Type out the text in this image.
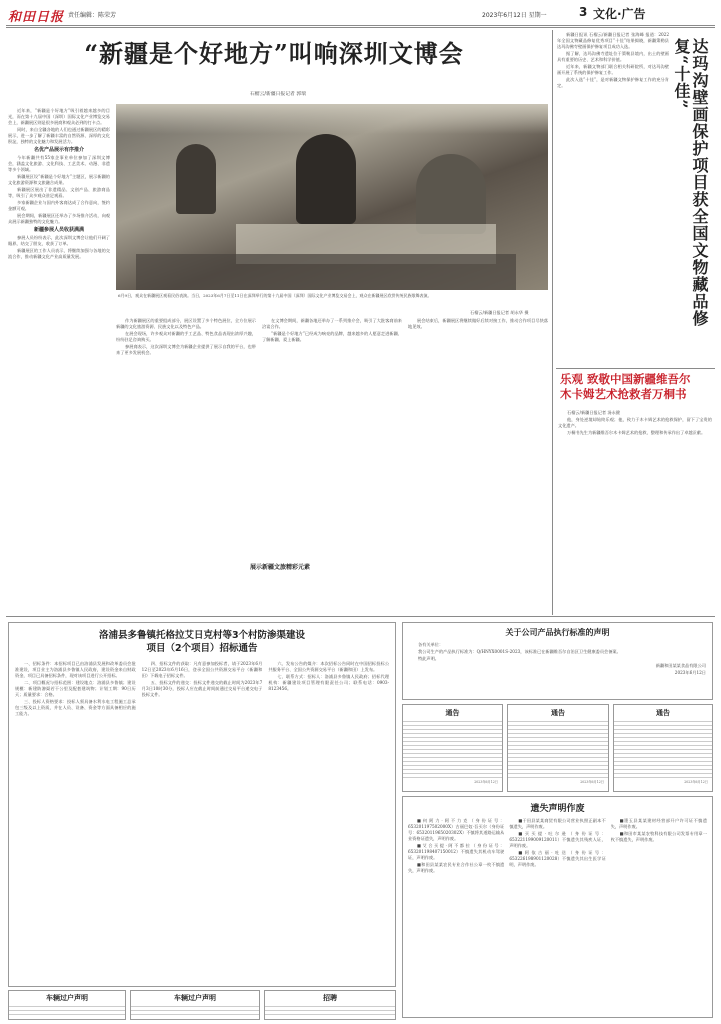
和田日报 责任编辑：陈荣芳	2023年6月12日 星期一	3 文化·广告
“新疆是个好地方”叫响深圳文博会
石榴云/新疆日报记者 郭瑞

近年来，“新疆是个好地方”吸引着越来越多的目光，而在第十九届中国（深圳）国际文化产业博览交易会上，新疆展区则是很多展商和观众必到的打卡点。

同时，来自全疆各地的人们也通过新疆展区的精彩展示，进一步了解了新疆丰富的自然资源、深厚的文化积淀，独特的文化魅力和发展活力。

名优产品展示有序推介

今年新疆共有55家企事业单位参加了深圳文博会，涵盖文化旅游、文化科技、工艺美术、动漫、非遗等多个领域。

新疆展区设“新疆是个好地方”主题区，展示新疆的文化旅游资源和文旅融合成果。

新疆展区展出了非遗精品、文创产品、旅游商品等，吸引了众多观众驻足观看。

多家新疆企业与国内外客商达成了合作意向，签约金额可观。

展会期间，新疆展区还举办了多场推介活动，向观众展示新疆独特的文化魅力。

新疆参展人员收获满满

参展人员纷纷表示，此次深圳文博会让他们开阔了眼界，结交了朋友，收获了订单。

新疆展区的工作人员表示，将继续加强与各地的交流合作，推动新疆文化产业高质量发展。

6月9日，观众在新疆展区观看民俗表演。当日，2023年6月7日至11日在深圳举行的第十九届中国（深圳）国际文化产业博览交易会上，观众在新疆展区欣赏传统民族歌舞表演。
石榴云/新疆日报记者 胡永华 摄

作为新疆展区的重要组成部分，展区设置了多个特色展位，全方位展示新疆的文化旅游资源、民族文化以及特色产品。

在展会现场，许多观众对新疆的手工艺品、特色食品表现出浓厚兴趣，纷纷驻足咨询购买。

参展商表示，这次深圳文博会为新疆企业提供了展示自我的平台，也带来了更多发展机会。

在文博会期间，新疆各地还举办了一系列推介会，吸引了大批客商前来洽谈合作。

“新疆是个好地方”已经成为响亮的品牌，越来越多的人愿意走进新疆、了解新疆、爱上新疆。

展会结束后，新疆展区将继续做好后续对接工作，推动合作项目尽快落地见效。

展示新疆文旅精彩元素

新疆日报讯 石榴云/新疆日报记者 张海峰 报道：2022年全国文物藏品修复优秀项目“十佳”结果揭晓，新疆策勒县达玛沟佛寺壁画保护修复项目成功入选。

据了解，达玛沟佛寺遗址位于策勒县境内，出土的壁画具有重要的历史、艺术和科学价值。

近年来，新疆文物部门联合相关科研院所，对达玛沟壁画开展了系统的保护修复工作。

此次入选“十佳”，是对新疆文物保护修复工作的充分肯定。	达玛沟壁画保护项目获全国文物藏品修复“十佳”
乐观 致敬中国新疆维吾尔
木卡姆艺术抢救者万桐书

石榴云/新疆日报记者 汤永健

他，身处逆境却始终乐观；他，致力于木卡姆艺术的抢救保护，留下了宝贵的文化遗产。

万桐书先生为新疆维吾尔木卡姆艺术的抢救、整理和传承作出了卓越贡献。

洛浦县多鲁镇托格拉艾日克村等3个村防渗渠建设
项目（2个项目）招标通告

一、招标条件：本招标项目已由洛浦县发展和改革委员会批准建设，项目业主为洛浦县多鲁镇人民政府，建设资金来自财政资金，项目已具备招标条件，现对该项目进行公开招标。

二、项目概况与招标范围：建设地点：洛浦县多鲁镇；建设规模：新建防渗渠若干公里及配套建筑物；计划工期：90日历天；质量要求：合格。

三、投标人资格要求：投标人须具备水利水电工程施工总承包三级及以上资质，并在人员、设备、资金等方面具备相应的施工能力。

四、招标文件的获取：凡有意参加投标者，请于2023年6月12日至2023年6月16日，登录全国公共资源交易平台（新疆和田）下载电子招标文件。

五、投标文件的递交：投标文件递交的截止时间为2023年7月3日10时30分，投标人应在截止时间前通过交易平台递交电子投标文件。

六、发布公告的媒介：本次招标公告同时在中国招标投标公共服务平台、全国公共资源交易平台（新疆和田）上发布。

七、联系方式：招标人：洛浦县多鲁镇人民政府；招标代理机构：新疆建设项目管理有限责任公司；联系电话：0903-8123456。

关于公司产品执行标准的声明

各有关单位：

我公司生产的产品执行标准为：Q/HNYX0001S-2023，该标准已在新疆维吾尔自治区卫生健康委员会备案。

特此声明。

新疆和田某某食品有限公司

2023年6月12日

通告
2023年6月12日
通告
2023年6月12日
通告
2023年6月12日
遗失声明作废

■何阿力·阿不力克（身份证号：653201197502000X）古丽巴奴·吾买尔（身份证号：6532011965020302X）不慎将其道路运输从业资格证遗失，声明作废。

■艾合买提·阿不都拉（身份证号：653201198407150012）不慎遗失其机动车驾驶证，声明作废。

■和田县某某农民专业合作社公章一枚不慎遗失，声明作废。

■于田县某某商贸有限公司营业执照正副本不慎遗失，声明作废。

■买买提·吐尔逊（身份证号：653221199009120011）不慎遗失其残疾人证，声明作废。

■阿依古丽·吐送（身份证号：653226198901120028）不慎遗失其出生医学证明，声明作废。

■墨玉县某某建材经营部开户许可证不慎遗失，声明作废。

■和田市某某农牧科技有限公司发票专用章一枚不慎遗失，声明作废。

车辆过户声明	车辆过户声明	招聘
